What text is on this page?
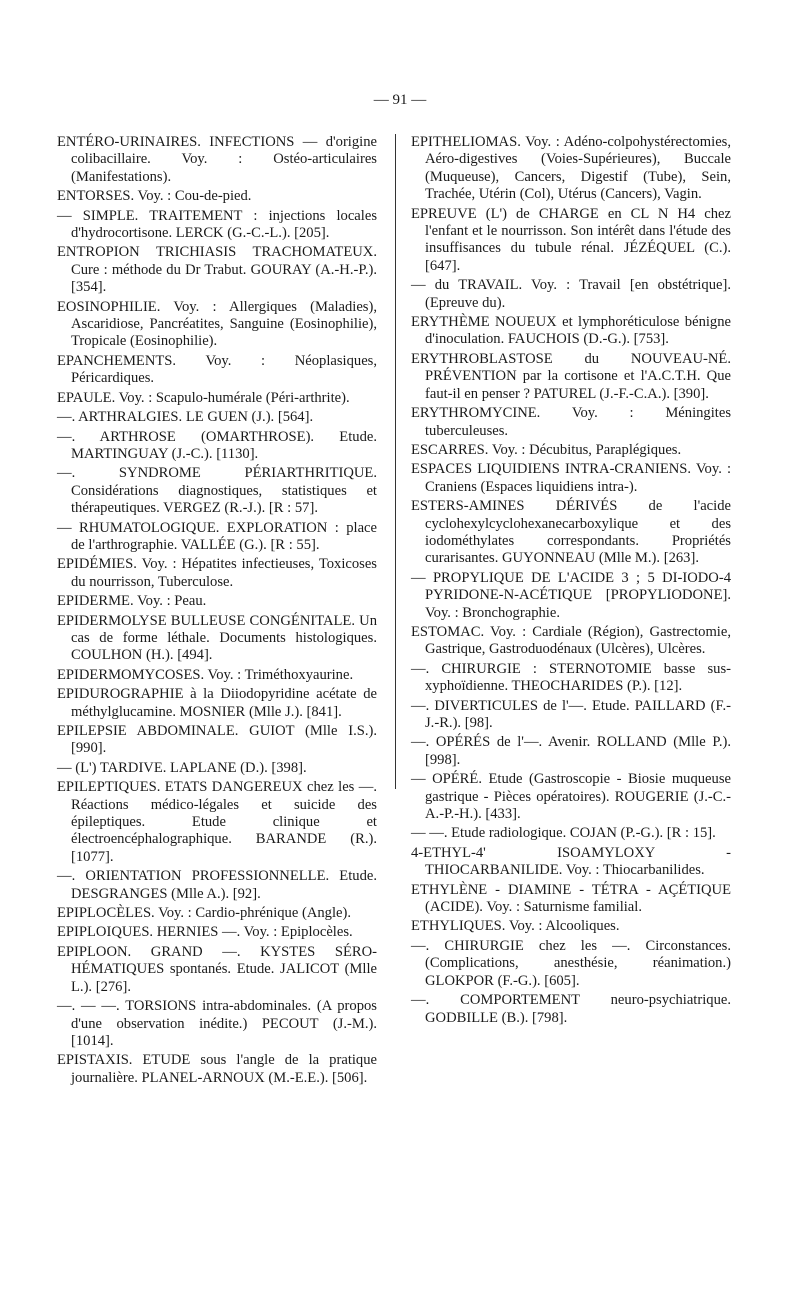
— 91 —

ENTÉRO-URINAIRES. INFECTIONS — d'origine colibacillaire. Voy. : Ostéo-articulaires (Manifestations).

ENTORSES. Voy. : Cou-de-pied.

— SIMPLE. TRAITEMENT : injections locales d'hydrocortisone. LERCK (G.-C.-L.). [205].

ENTROPION TRICHIASIS TRACHOMATEUX. Cure : méthode du Dr Trabut. GOURAY (A.-H.-P.). [354].

EOSINOPHILIE. Voy. : Allergiques (Maladies), Ascaridiose, Pancréatites, Sanguine (Eosinophilie), Tropicale (Eosinophilie).

EPANCHEMENTS. Voy. : Néoplasiques, Péricardiques.

EPAULE. Voy. : Scapulo-humérale (Péri-arthrite).

—. ARTHRALGIES. LE GUEN (J.). [564].

—. ARTHROSE (OMARTHROSE). Etude. MARTINGUAY (J.-C.). [1130].

—. SYNDROME PÉRIARTHRITIQUE. Considérations diagnostiques, statistiques et thérapeutiques. VERGEZ (R.-J.). [R : 57].

— RHUMATOLOGIQUE. EXPLORATION : place de l'arthrographie. VALLÉE (G.). [R : 55].

EPIDÉMIES. Voy. : Hépatites infectieuses, Toxicoses du nourrisson, Tuberculose.

EPIDERME. Voy. : Peau.

EPIDERMOLYSE BULLEUSE CONGÉNITALE. Un cas de forme léthale. Documents histologiques. COULHON (H.). [494].

EPIDERMOMYCOSES. Voy. : Triméthoxyaurine.

EPIDUROGRAPHIE à la Diiodopyridine acétate de méthylglucamine. MOSNIER (Mlle J.). [841].

EPILEPSIE ABDOMINALE. GUIOT (Mlle I.S.). [990].

— (L') TARDIVE. LAPLANE (D.). [398].

EPILEPTIQUES. ETATS DANGEREUX chez les —. Réactions médico-légales et suicide des épileptiques. Etude clinique et électroencéphalographique. BARANDE (R.). [1077].

—. ORIENTATION PROFESSIONNELLE. Etude. DESGRANGES (Mlle A.). [92].

EPIPLOCÈLES. Voy. : Cardio-phrénique (Angle).

EPIPLOIQUES. HERNIES —. Voy. : Epiplocèles.

EPIPLOON. GRAND —. KYSTES SÉRO-HÉMATIQUES spontanés. Etude. JALICOT (Mlle L.). [276].

—. — —. TORSIONS intra-abdominales. (A propos d'une observation inédite.) PECOUT (J.-M.). [1014].

EPISTAXIS. ETUDE sous l'angle de la pratique journalière. PLANEL-ARNOUX (M.-E.E.). [506].

EPITHELIOMAS. Voy. : Adéno-colpohystérectomies, Aéro-digestives (Voies-Supérieures), Buccale (Muqueuse), Cancers, Digestif (Tube), Sein, Trachée, Utérin (Col), Utérus (Cancers), Vagin.

EPREUVE (L') de CHARGE en CL N H4 chez l'enfant et le nourrisson. Son intérêt dans l'étude des insuffisances du tubule rénal. JÉZÉQUEL (C.). [647].

— du TRAVAIL. Voy. : Travail [en obstétrique]. (Epreuve du).

ERYTHÈME NOUEUX et lymphoréticulose bénigne d'inoculation. FAUCHOIS (D.-G.). [753].

ERYTHROBLASTOSE du NOUVEAU-NÉ. PRÉVENTION par la cortisone et l'A.C.T.H. Que faut-il en penser ? PATUREL (J.-F.-C.A.). [390].

ERYTHROMYCINE. Voy. : Méningites tuberculeuses.

ESCARRES. Voy. : Décubitus, Paraplégiques.

ESPACES LIQUIDIENS INTRA-CRANIENS. Voy. : Craniens (Espaces liquidiens intra-).

ESTERS-AMINES DÉRIVÉS de l'acide cyclohexylcyclohexanecarboxylique et des iodométhylates correspondants. Propriétés curarisantes. GUYONNEAU (Mlle M.). [263].

— PROPYLIQUE DE L'ACIDE 3 ; 5 DI-IODO-4 PYRIDONE-N-ACÉTIQUE [PROPYLIODONE]. Voy. : Bronchographie.

ESTOMAC. Voy. : Cardiale (Région), Gastrectomie, Gastrique, Gastroduodénaux (Ulcères), Ulcères.

—. CHIRURGIE : STERNOTOMIE basse sus-xyphoïdienne. THEOCHARIDES (P.). [12].

—. DIVERTICULES de l'—. Etude. PAILLARD (F.-J.-R.). [98].

—. OPÉRÉS de l'—. Avenir. ROLLAND (Mlle P.). [998].

— OPÉRÉ. Etude (Gastroscopie - Biosie muqueuse gastrique - Pièces opératoires). ROUGERIE (J.-C.-A.-P.-H.). [433].

— —. Etude radiologique. COJAN (P.-G.). [R : 15].

4-ETHYL-4' ISOAMYLOXY - THIOCARBANILIDE. Voy. : Thiocarbanilides.

ETHYLÈNE - DIAMINE - TÉTRA - AÇÉTIQUE (ACIDE). Voy. : Saturnisme familial.

ETHYLIQUES. Voy. : Alcooliques.

—. CHIRURGIE chez les —. Circonstances. (Complications, anesthésie, réanimation.) GLOKPOR (F.-G.). [605].

—. COMPORTEMENT neuro-psychiatrique. GODBILLE (B.). [798].
